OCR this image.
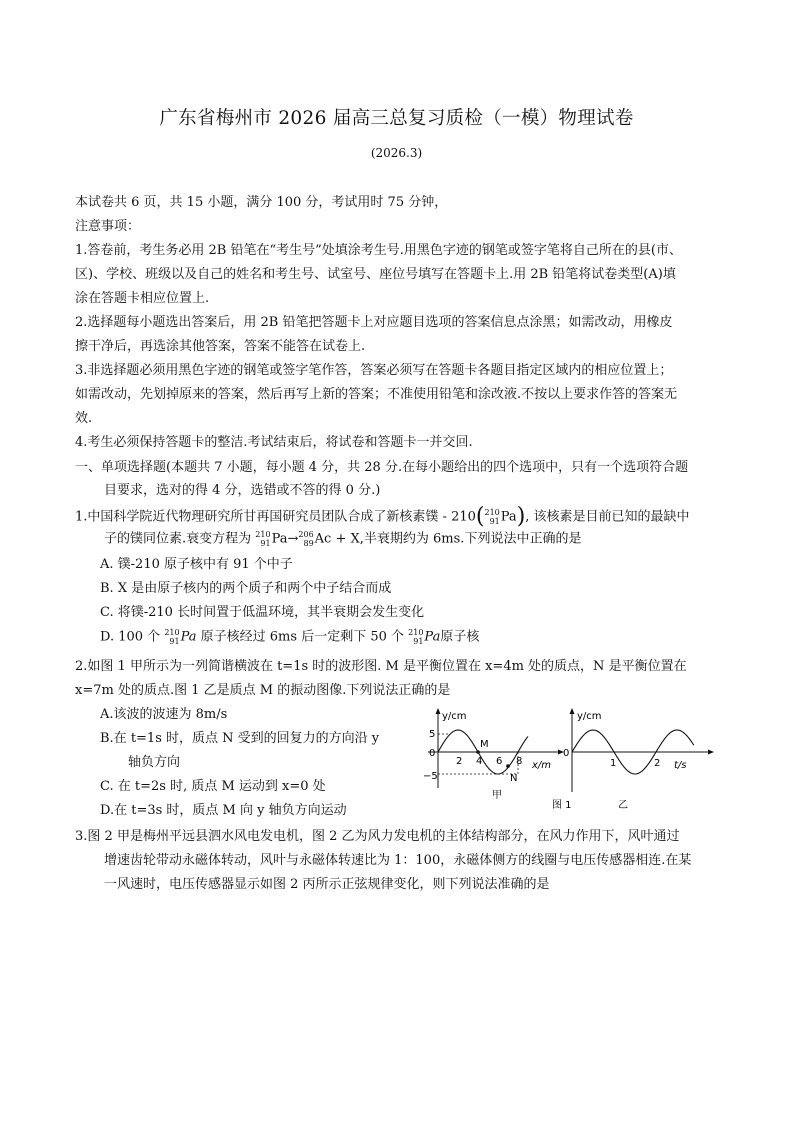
广东省梅州市 2026 届高三总复习质检（一模）物理试卷
(2026.3)
本试卷共 6 页，共 15 小题，满分 100 分，考试用时 75 分钟，
注意事项：
1.答卷前，考生务必用 2B 铅笔在“考生号”处填涂考生号.用黑色字迹的钢笔或签字笔将自己所在的县(市、
区)、学校、班级以及自己的姓名和考生号、试室号、座位号填写在答题卡上.用 2B 铅笔将试卷类型(A)填
涂在答题卡相应位置上.
2.选择题每小题选出答案后，用 2B 铅笔把答题卡上对应题目选项的答案信息点涂黑；如需改动，用橡皮
擦干净后，再选涂其他答案，答案不能答在试卷上.
3.非选择题必须用黑色字迹的钢笔或签字笔作答，答案必须写在答题卡各题目指定区域内的相应位置上；
如需改动，先划掉原来的答案，然后再写上新的答案；不准使用铅笔和涂改液.不按以上要求作答的答案无
效.
4.考生必须保持答题卡的整洁.考试结束后，将试卷和答题卡一并交回.
一、单项选择题(本题共 7 小题，每小题 4 分，共 28 分.在每小题给出的四个选项中，只有一个选项符合题
目要求，选对的得 4 分，选错或不答的得 0 分.)
1.中国科学院近代物理研究所甘再国研究员团队合成了新核素镤 - 210( 210
91 Pa), 该核素是目前已知的最缺中
子的镤同位素.衰变方程为 210
91 Pa→ 206
89 Ac + X,半衰期约为 6ms.下列说法中正确的是
A. 镤-210 原子核中有 91 个中子
B. X 是由原子核内的两个质子和两个中子结合而成
C. 将镤-210 长时间置于低温环境，其半衰期会发生变化
D. 100 个 210
91 Pa 原子核经过 6ms 后一定剩下 50 个 210
91 Pa原子核
2.如图 1 甲所示为一列简谐横波在 t=1s 时的波形图. M 是平衡位置在 x=4m 处的质点，N 是平衡位置在
x=7m 处的质点.图 1 乙是质点 M 的振动图像.下列说法正确的是
A.该波的波速为 8m/s
B.在 t=1s 时，质点 N 受到的回复力的方向沿 y
轴负方向
C. 在 t=2s 时, 质点 M 运动到 x=0 处
D.在 t=3s 时，质点 M 向 y 轴负方向运动
y/cm
x/m
5
0
−5
2 4 6 8
M
N
甲
y/cm
t/s
0
1	2
乙
图 1
3.图 2 甲是梅州平远县泗水风电发电机，图 2 乙为风力发电机的主体结构部分，在风力作用下，风叶通过
增速齿轮带动永磁体转动，风叶与永磁体转速比为 1：100，永磁体侧方的线圈与电压传感器相连.在某
一风速时，电压传感器显示如图 2 丙所示正弦规律变化，则下列说法准确的是
